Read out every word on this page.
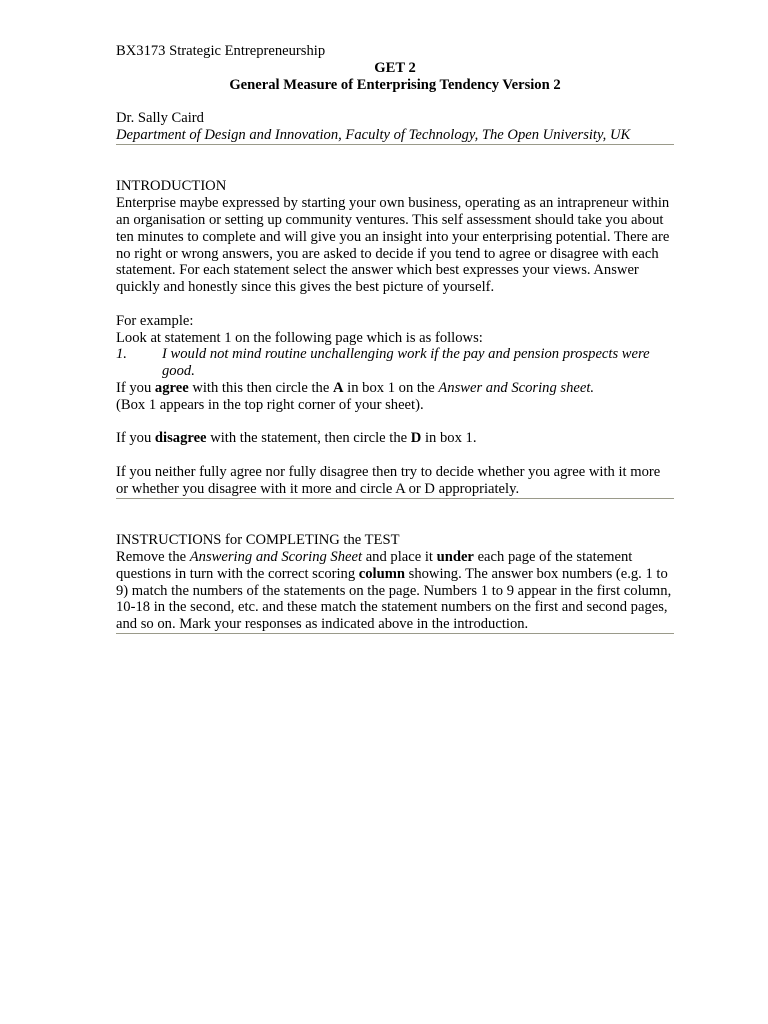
BX3173 Strategic Entrepreneurship

GET 2

General Measure of Enterprising Tendency Version 2

Dr. Sally Caird

Department of Design and Innovation, Faculty of Technology, The Open University, UK

INTRODUCTION

Enterprise maybe expressed by starting your own business, operating as an intrapreneur within an organisation or setting up community ventures. This self assessment should take you about ten minutes to complete and will give you an insight into your enterprising potential. There are no right or wrong answers, you are asked to decide if you tend to agree or disagree with each statement. For each statement select the answer which best expresses your views. Answer quickly and honestly since this gives the best picture of yourself.

For example:

Look at statement 1 on the following page which is as follows:

1.	I would not mind routine unchallenging work if the pay and pension prospects were good.

If you agree with this then circle the A in box 1 on the Answer and Scoring sheet.

(Box 1 appears in the top right corner of your sheet).

If you disagree with the statement, then circle the D in box 1.

If you neither fully agree nor fully disagree then try to decide whether you agree with it more or whether you disagree with it more and circle A or D appropriately.

INSTRUCTIONS for COMPLETING the TEST

Remove the Answering and Scoring Sheet and place it under each page of the statement questions in turn with the correct scoring column showing. The answer box numbers (e.g. 1 to 9) match the numbers of the statements on the page. Numbers 1 to 9 appear in the first column, 10-18 in the second, etc. and these match the statement numbers on the first and second pages, and so on. Mark your responses as indicated above in the introduction.
